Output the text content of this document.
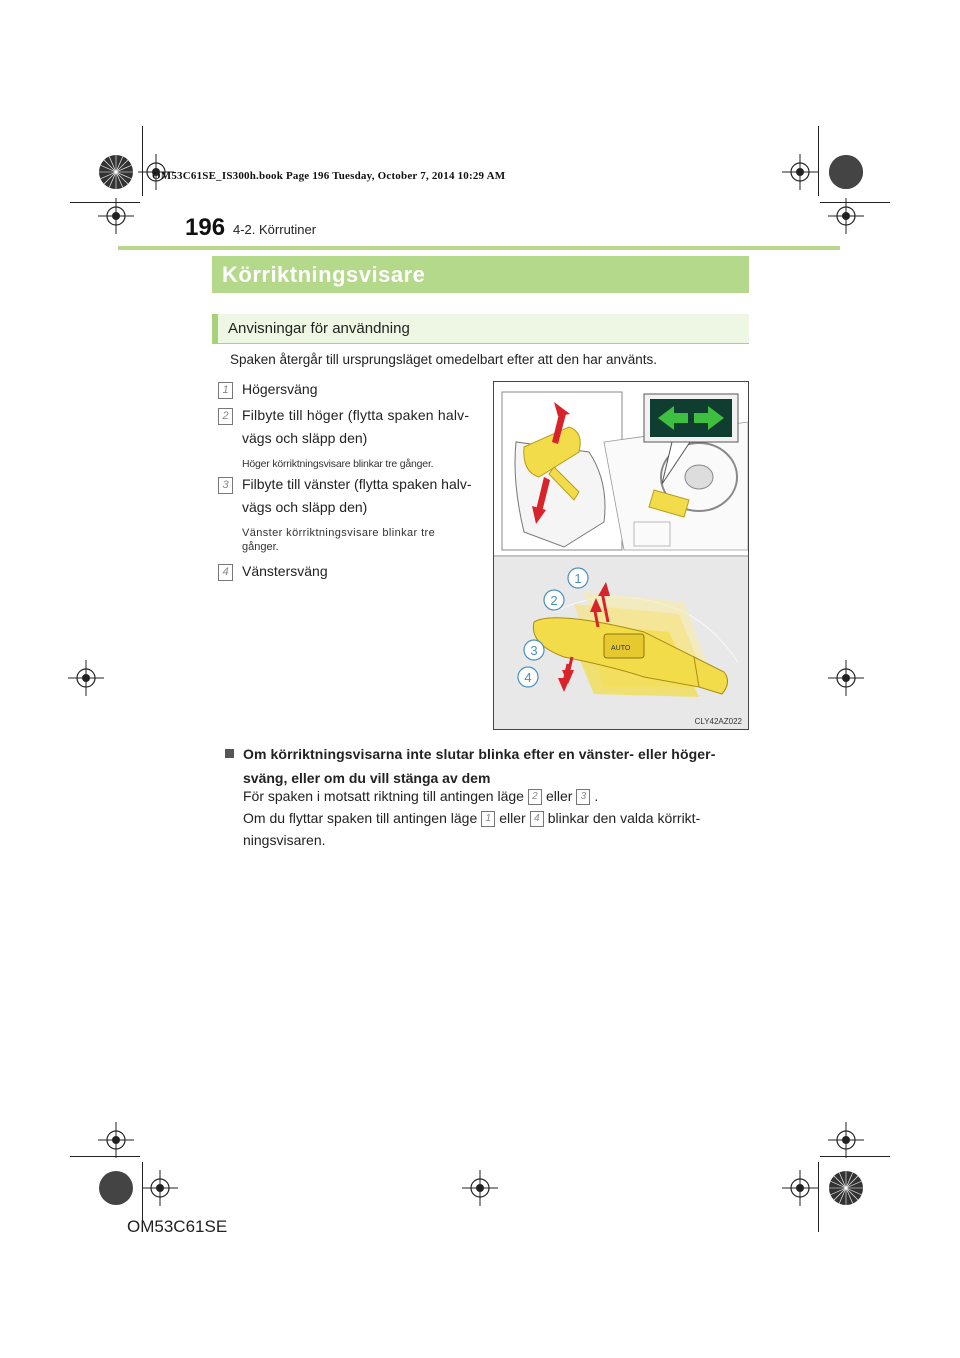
OM53C61SE_IS300h.book Page 196 Tuesday, October 7, 2014 10:29 AM
196 4-2. Körrutiner
Körriktningsvisare
Anvisningar för användning
Spaken återgår till ursprungsläget omedelbart efter att den har använts.
1 Högersväng
2 Filbyte till höger (flytta spaken halv-
vägs och släpp den)
Höger körriktningsvisare blinkar tre gånger.
3 Filbyte till vänster (flytta spaken halv-
vägs och släpp den)
Vänster körriktningsvisare blinkar tre
gånger.
4 Vänstersväng
AUTO
1
2
3
4
CLY42AZ022
Om körriktningsvisarna inte slutar blinka efter en vänster- eller höger-
sväng, eller om du vill stänga av dem
För spaken i motsatt riktning till antingen läge 2 eller 3 .
Om du flyttar spaken till antingen läge 1 eller 4 blinkar den valda körrikt-
ningsvisaren.
OM53C61SE
